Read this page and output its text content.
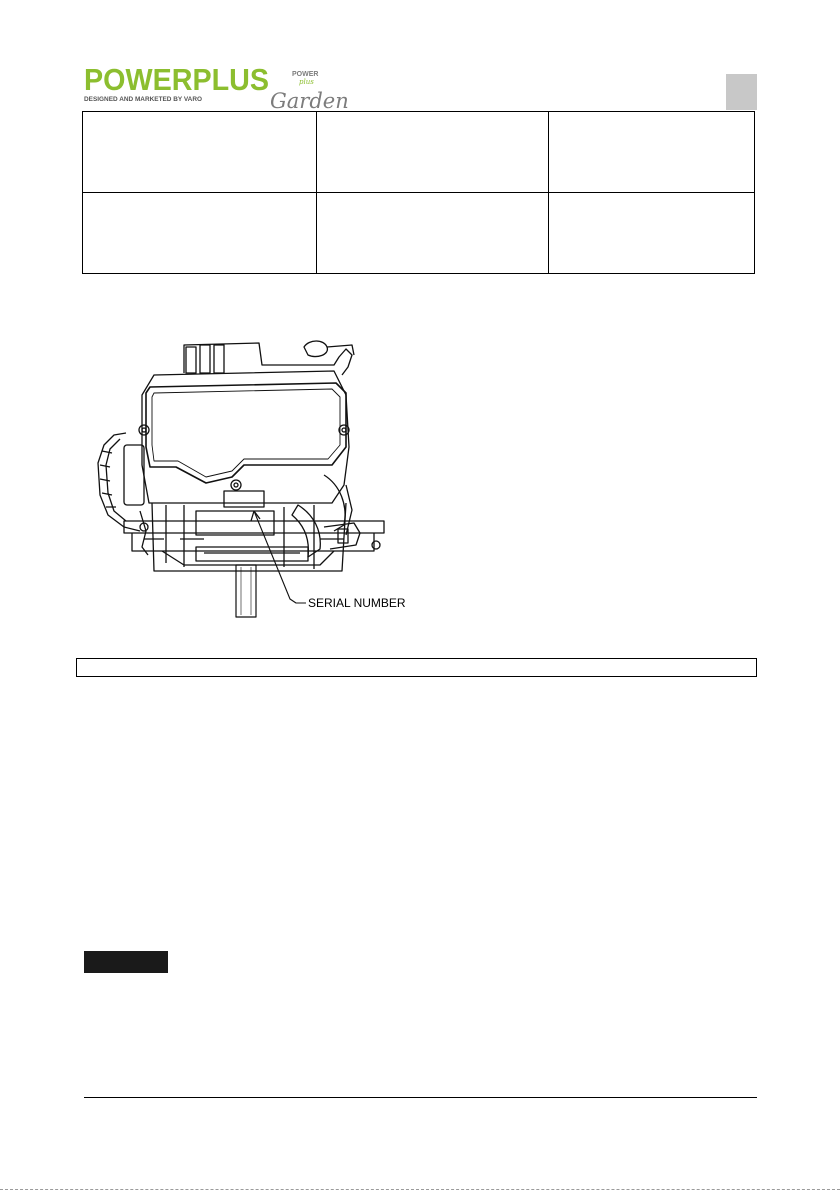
POWERPLUS
DESIGNED AND MARKETED BY VARO	Garden
POWER
plus

SERIAL NUMBER
